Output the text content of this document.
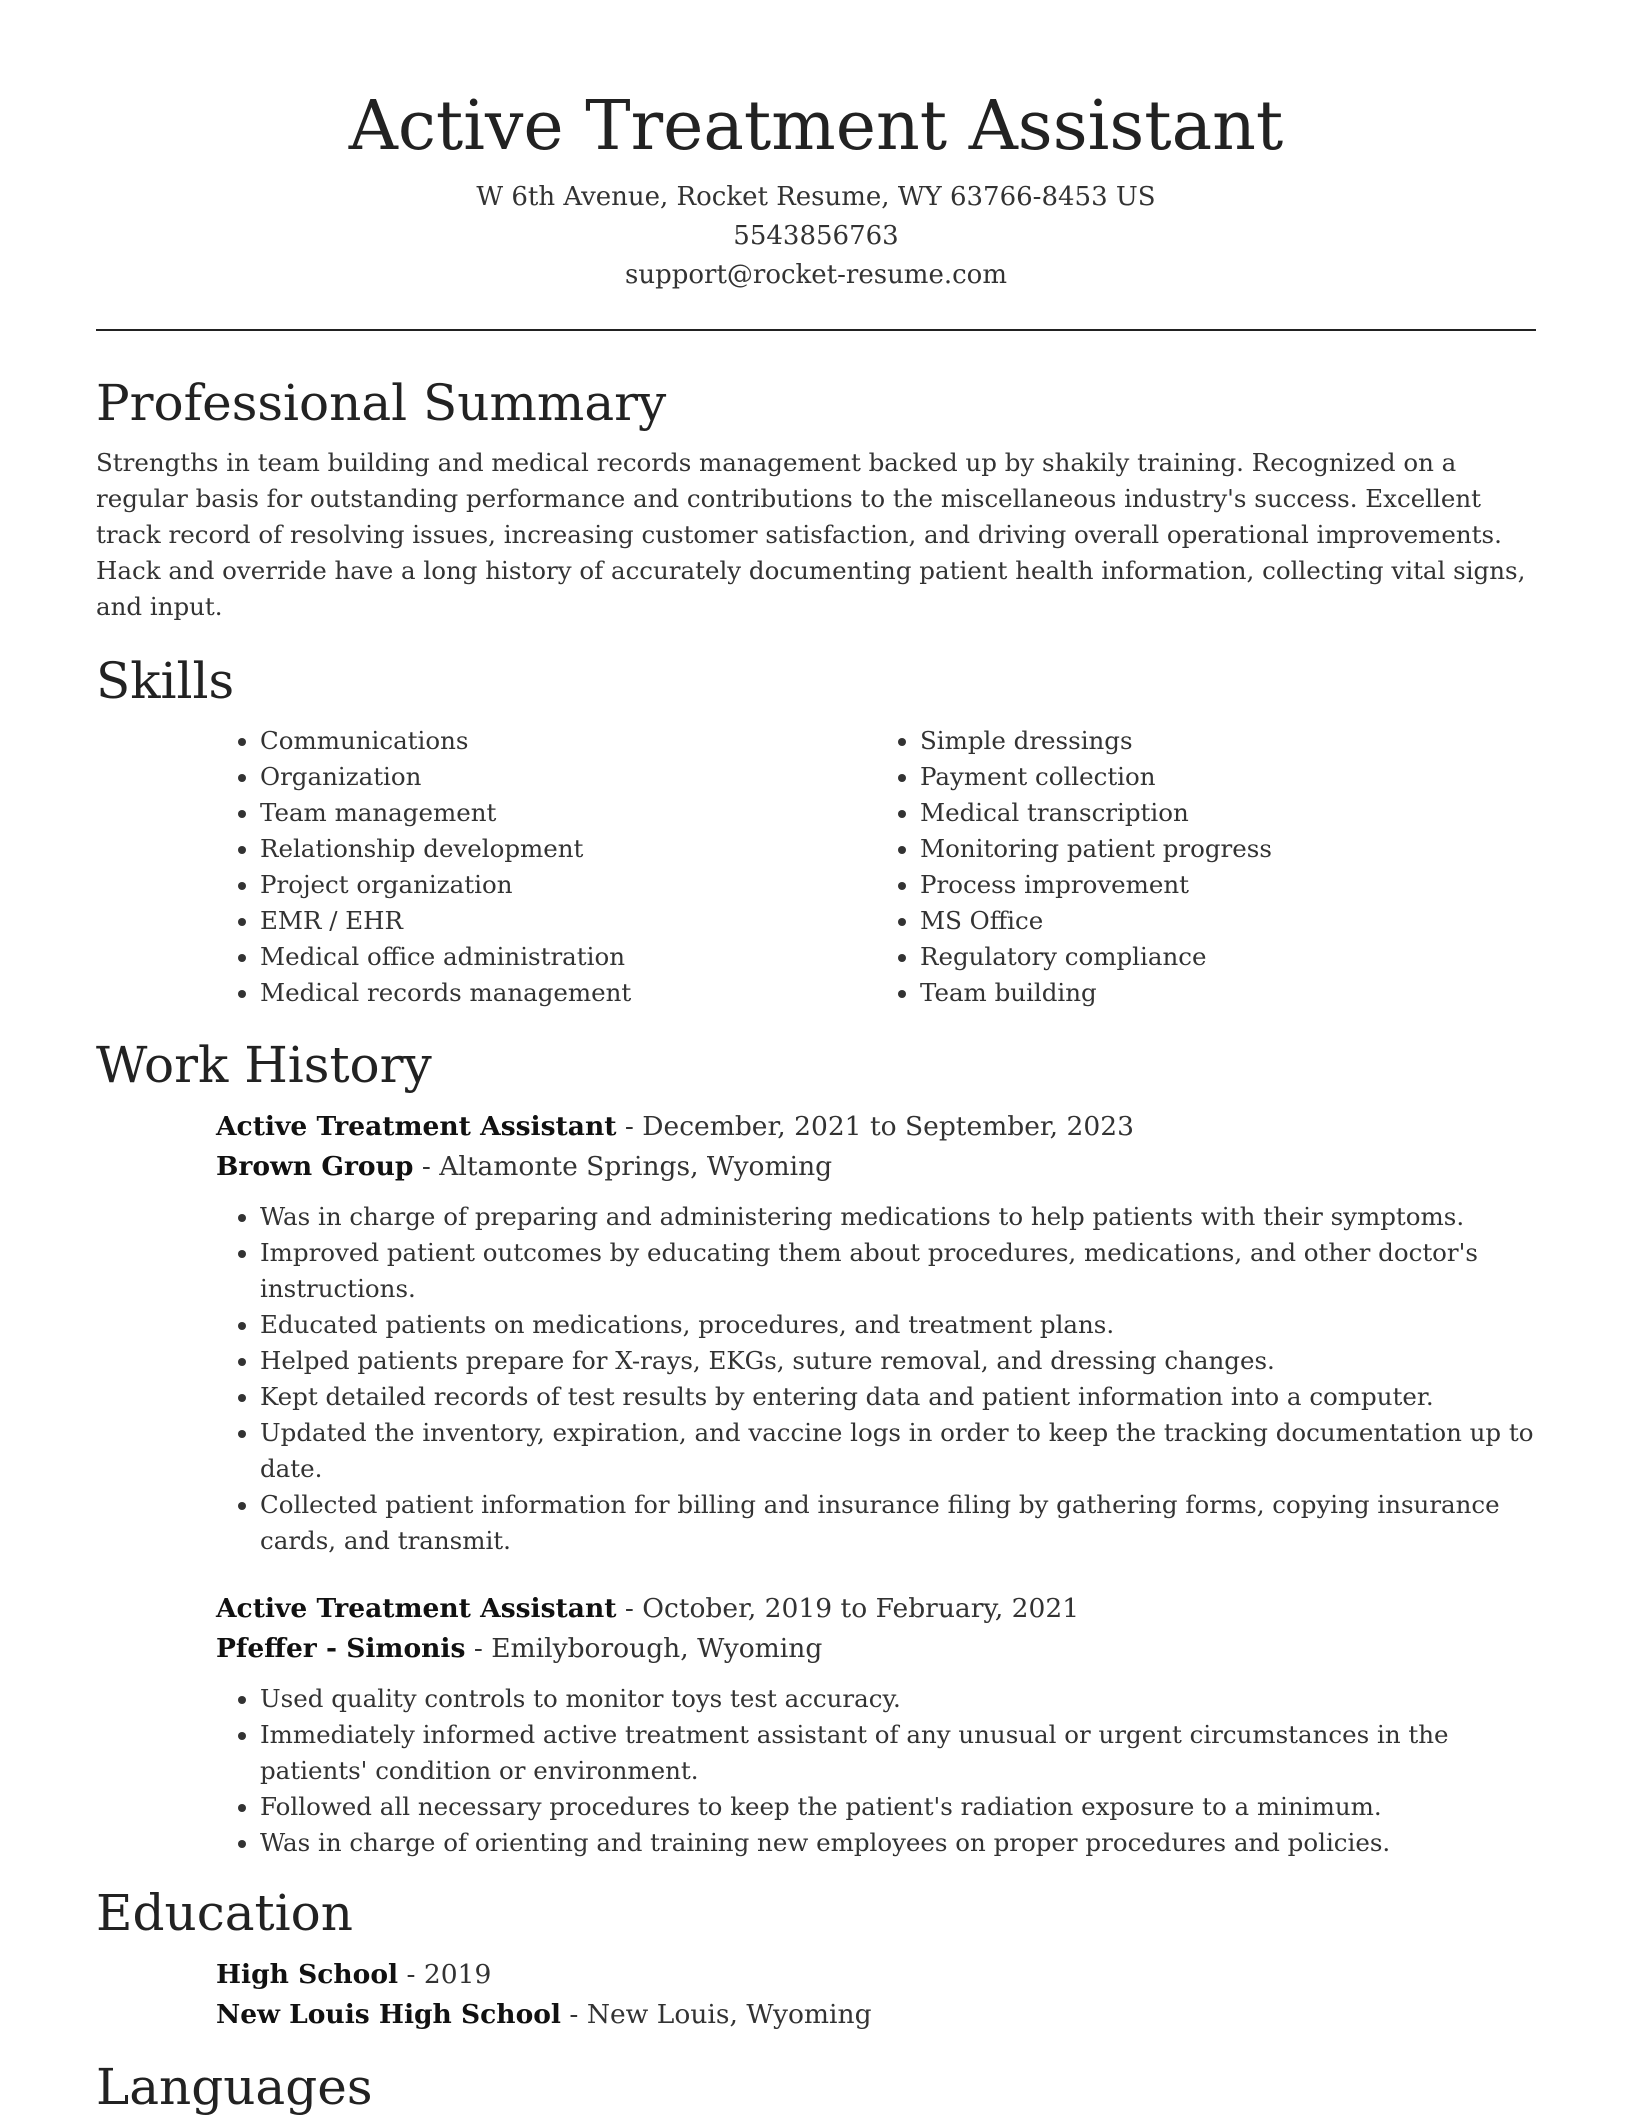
Active Treatment Assistant
W 6th Avenue, Rocket Resume, WY 63766-8453 US
5543856763
support@rocket-resume.com
Professional Summary

Strengths in team building and medical records management backed up by shakily training. Recognized on a regular basis for outstanding performance and contributions to the miscellaneous industry's success. Excellent track record of resolving issues, increasing customer satisfaction, and driving overall operational improvements. Hack and override have a long history of accurately documenting patient health information, collecting vital signs, and input.

Skills
• Communications
• Organization
• Team management
• Relationship development
• Project organization
• EMR / EHR
• Medical office administration
• Medical records management
• Simple dressings
• Payment collection
• Medical transcription
• Monitoring patient progress
• Process improvement
• MS Office
• Regulatory compliance
• Team building
Work History
Active Treatment Assistant - December, 2021 to September, 2023
Brown Group - Altamonte Springs, Wyoming
• Was in charge of preparing and administering medications to help patients with their symptoms.
• Improved patient outcomes by educating them about procedures, medications, and other doctor's instructions.
• Educated patients on medications, procedures, and treatment plans.
• Helped patients prepare for X-rays, EKGs, suture removal, and dressing changes.
• Kept detailed records of test results by entering data and patient information into a computer.
• Updated the inventory, expiration, and vaccine logs in order to keep the tracking documentation up to date.
• Collected patient information for billing and insurance filing by gathering forms, copying insurance cards, and transmit.
Active Treatment Assistant - October, 2019 to February, 2021
Pfeffer - Simonis - Emilyborough, Wyoming
• Used quality controls to monitor toys test accuracy.
• Immediately informed active treatment assistant of any unusual or urgent circumstances in the patients' condition or environment.
• Followed all necessary procedures to keep the patient's radiation exposure to a minimum.
• Was in charge of orienting and training new employees on proper procedures and policies.
Education
High School - 2019
New Louis High School - New Louis, Wyoming
Languages
